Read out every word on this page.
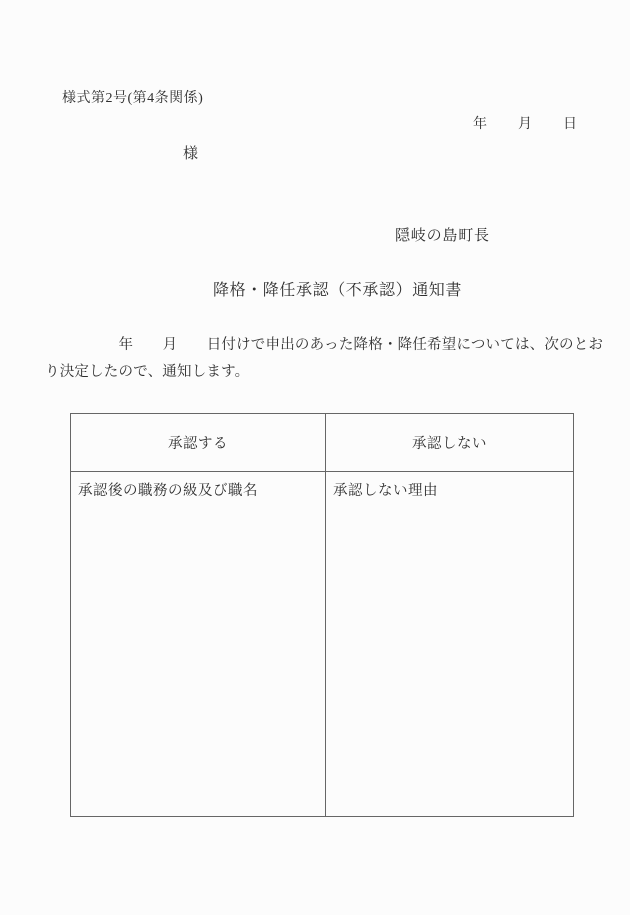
様式第2号(第4条関係)
年 月 日
様
隠岐の島町長
降格・降任承認（不承認）通知書
　　　　　年　　月　　日付けで申出のあった降格・降任希望については、次のとお
り決定したので、通知します。
承認する	承認しない
承認後の職務の級及び職名	承認しない理由
